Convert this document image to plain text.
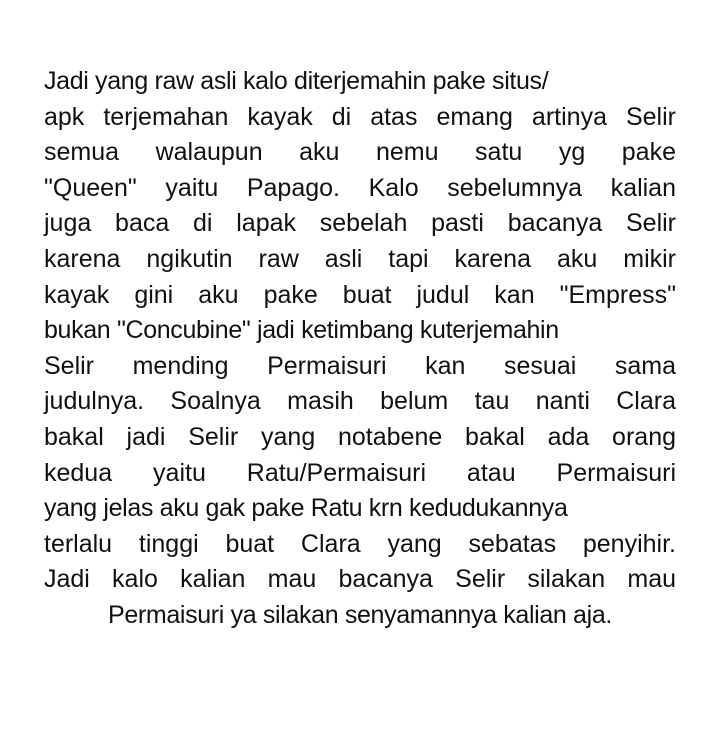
Jadi yang raw asli kalo diterjemahin pake situs/
apk terjemahan kayak di atas emang artinya Selir
semua walaupun aku nemu satu yg pake
"Queen" yaitu Papago. Kalo sebelumnya kalian
juga baca di lapak sebelah pasti bacanya Selir
karena ngikutin raw asli tapi karena aku mikir
kayak gini aku pake buat judul kan "Empress"
bukan "Concubine" jadi ketimbang kuterjemahin
Selir mending Permaisuri kan sesuai sama
judulnya. Soalnya masih belum tau nanti Clara
bakal jadi Selir yang notabene bakal ada orang
kedua yaitu Ratu/Permaisuri atau Permaisuri
yang jelas aku gak pake Ratu krn kedudukannya
terlalu tinggi buat Clara yang sebatas penyihir.
Jadi kalo kalian mau bacanya Selir silakan mau
Permaisuri ya silakan senyamannya kalian aja.
